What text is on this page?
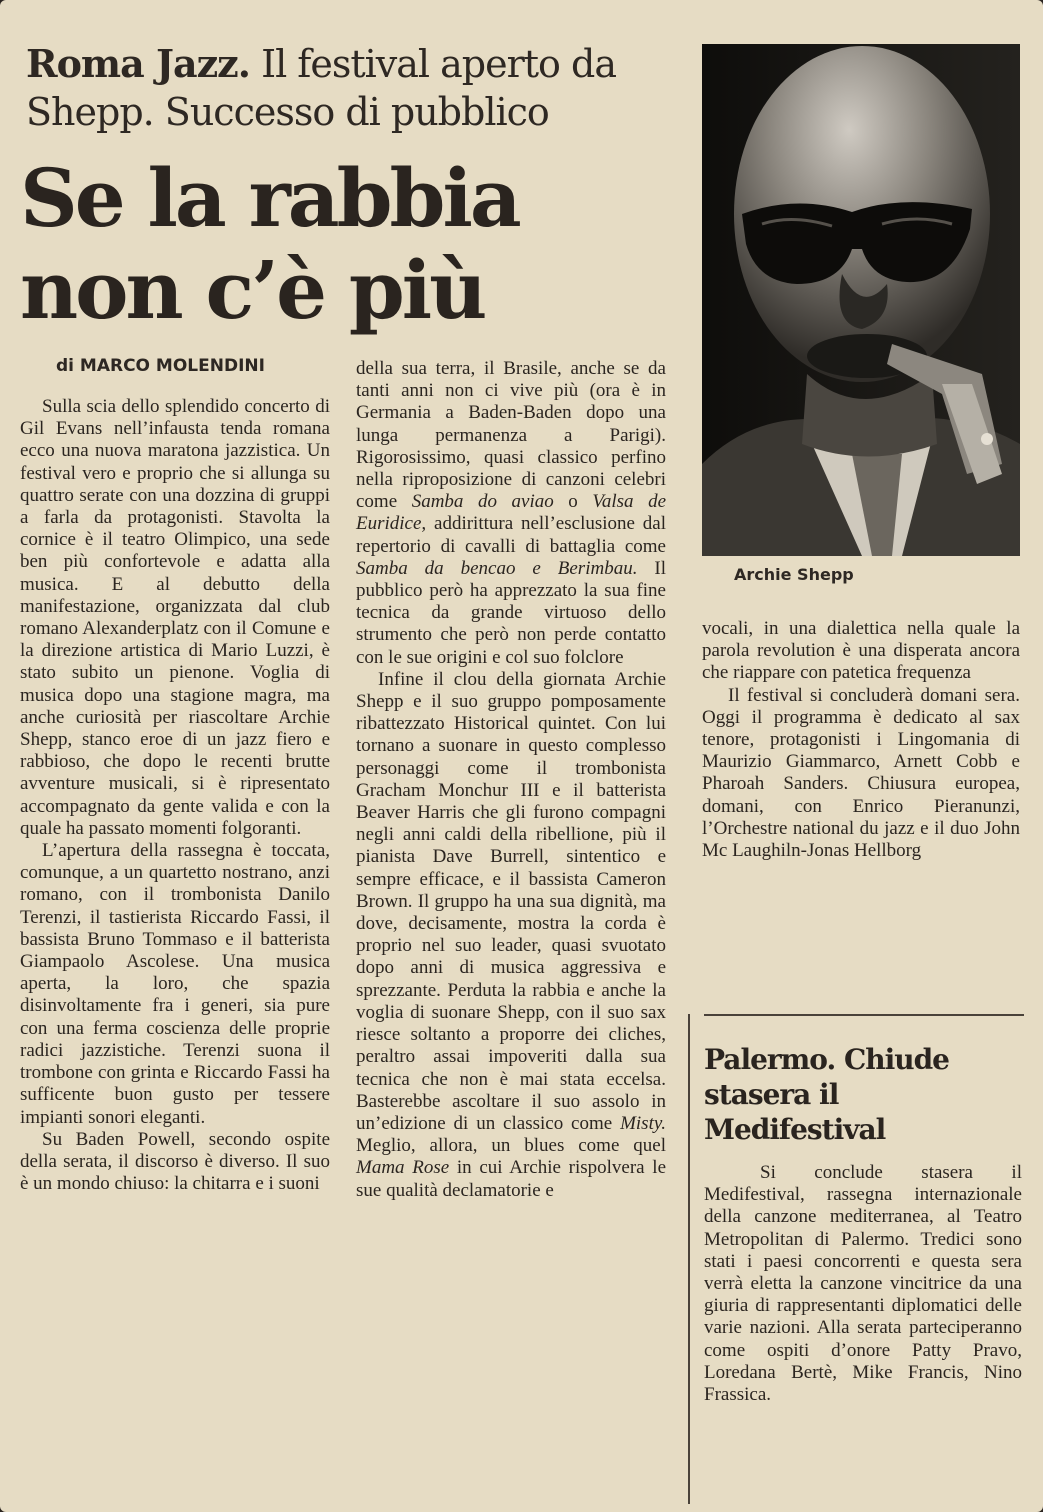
Roma Jazz. Il festival aperto da Shepp. Successo di pubblico
Se la rabbia
non c’è più
di MARCO MOLENDINI

Sulla scia dello splendido concerto di Gil Evans nell’infausta tenda romana ecco una nuova maratona jazzistica. Un festival vero e proprio che si allunga su quattro serate con una dozzina di gruppi a farla da protagonisti. Stavolta la cornice è il teatro Olimpico, una sede ben più confortevole e adatta alla musica. E al debutto della manifestazione, organizzata dal club romano Alexanderplatz con il Comune e la direzione artistica di Mario Luzzi, è stato subito un pienone. Voglia di musica dopo una stagione magra, ma anche curiosità per riascoltare Archie Shepp, stanco eroe di un jazz fiero e rabbioso, che dopo le recenti brutte avventure musicali, si è ripresentato accompagnato da gente valida e con la quale ha passato momenti folgoranti.

L’apertura della rassegna è toccata, comunque, a un quartetto nostrano, anzi romano, con il trombonista Danilo Terenzi, il tastierista Riccardo Fassi, il bassista Bruno Tommaso e il batterista Giampaolo Ascolese. Una musica aperta, la loro, che spazia disinvoltamente fra i generi, sia pure con una ferma coscienza delle proprie radici jazzistiche. Terenzi suona il trombone con grinta e Riccardo Fassi ha sufficente buon gusto per tessere impianti sonori eleganti.

Su Baden Powell, secondo ospite della serata, il discorso è diverso. Il suo è un mondo chiuso: la chitarra e i suoni

della sua terra, il Brasile, anche se da tanti anni non ci vive più (ora è in Germania a Baden-Baden dopo una lunga permanenza a Parigi). Rigorosissimo, quasi classico perfino nella riproposizione di canzoni celebri come Samba do aviao o Valsa de Euridice, addirittura nell’esclusione dal repertorio di cavalli di battaglia come Samba da bencao e Berimbau. Il pubblico però ha apprezzato la sua fine tecnica da grande virtuoso dello strumento che però non perde contatto con le sue origini e col suo folclore

Infine il clou della giornata Archie Shepp e il suo gruppo pomposamente ribattezzato Historical quintet. Con lui tornano a suonare in questo complesso personaggi come il trombonista Gracham Monchur III e il batterista Beaver Harris che gli furono compagni negli anni caldi della ribellione, più il pianista Dave Burrell, sintentico e sempre efficace, e il bassista Cameron Brown. Il gruppo ha una sua dignità, ma dove, decisamente, mostra la corda è proprio nel suo leader, quasi svuotato dopo anni di musica aggressiva e sprezzante. Perduta la rabbia e anche la voglia di suonare Shepp, con il suo sax riesce soltanto a proporre dei cliches, peraltro assai impoveriti dalla sua tecnica che non è mai stata eccelsa. Basterebbe ascoltare il suo assolo in un’edizione di un classico come Misty. Meglio, allora, un blues come quel Mama Rose in cui Archie rispolvera le sue qualità declamatorie e

Archie Shepp

vocali, in una dialettica nella quale la parola revolution è una disperata ancora che riappare con patetica frequenza

Il festival si concluderà domani sera. Oggi il programma è dedicato al sax tenore, protagonisti i Lingomania di Maurizio Giammarco, Arnett Cobb e Pharoah Sanders. Chiusura europea, domani, con Enrico Pieranunzi, l’Orchestre national du jazz e il duo John Mc Laughiln-Jonas Hellborg

Palermo. Chiude stasera il Medifestival

Si conclude stasera il Medifestival, rassegna internazionale della canzone mediterranea, al Teatro Metropolitan di Palermo. Tredici sono stati i paesi concorrenti e questa sera verrà eletta la canzone vincitrice da una giuria di rappresentanti diplomatici delle varie nazioni. Alla serata parteciperanno come ospiti d’onore Patty Pravo, Loredana Bertè, Mike Francis, Nino Frassica.
